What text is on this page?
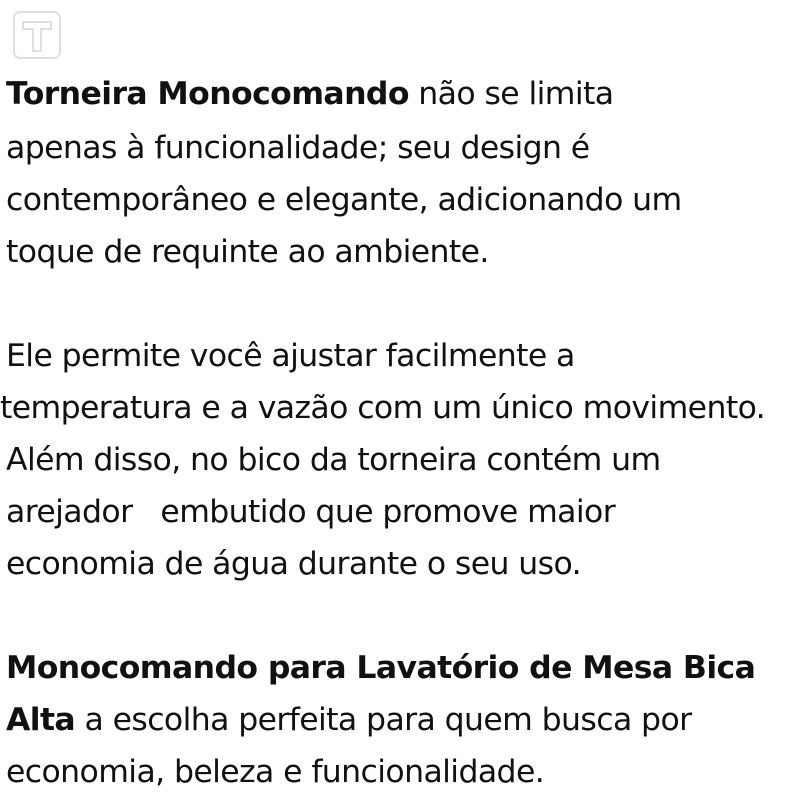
Torneira Monocomando não se limita
apenas à funcionalidade; seu design é
contemporâneo e elegante, adicionando um
toque de requinte ao ambiente.
Ele permite você ajustar facilmente a
temperatura e a vazão com um único movimento.
Além disso, no bico da torneira contém um
arejador embutido que promove maior
economia de água durante o seu uso.
Monocomando para Lavatório de Mesa Bica
Alta a escolha perfeita para quem busca por
economia, beleza e funcionalidade.
